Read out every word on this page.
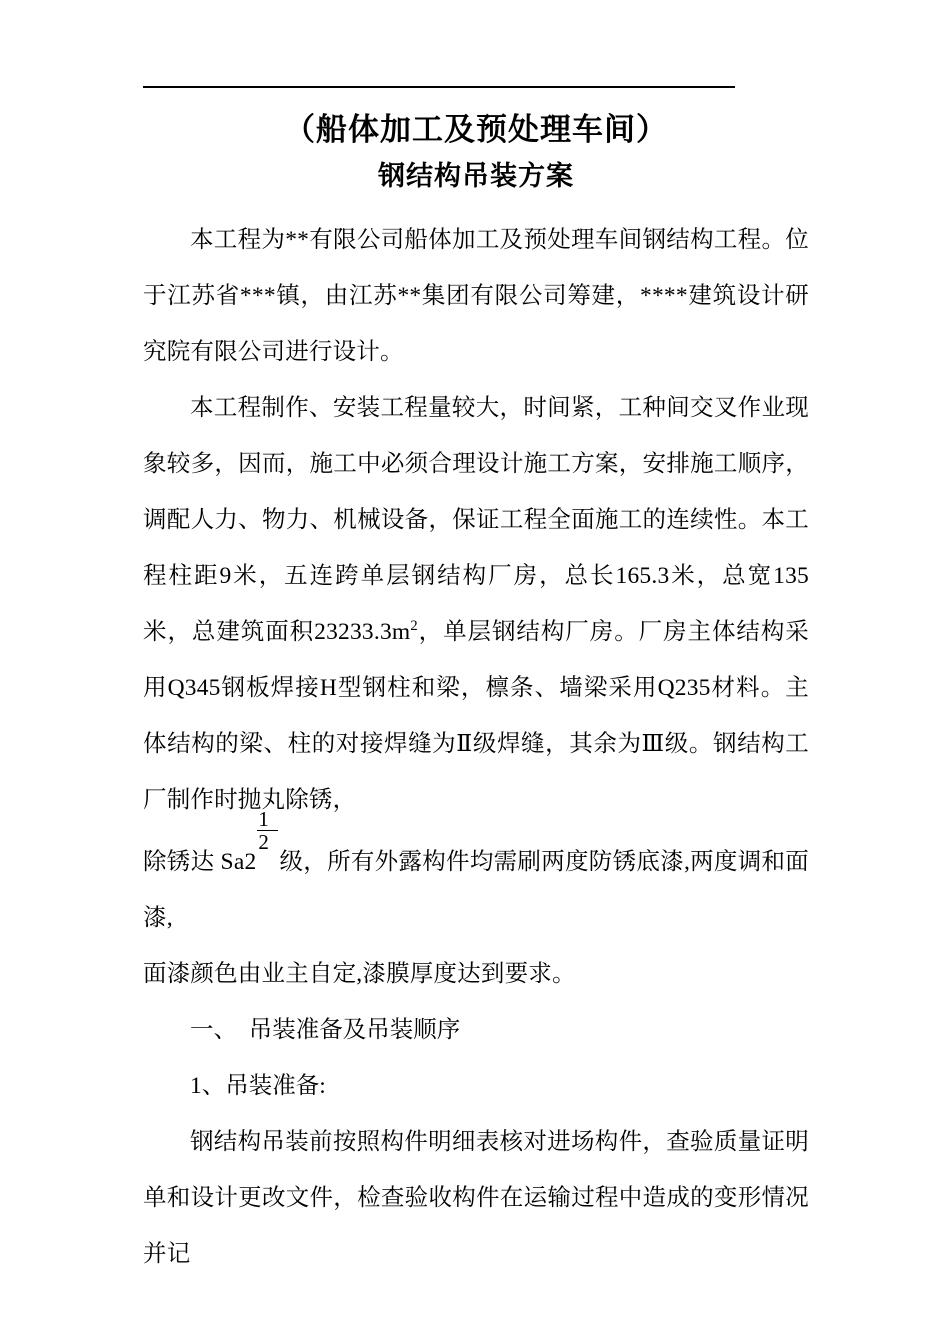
（船体加工及预处理车间）
钢结构吊装方案

本工程为**有限公司船体加工及预处理车间钢结构工程。位于江苏省***镇，由江苏**集团有限公司筹建，****建筑设计研究院有限公司进行设计。

本工程制作、安装工程量较大，时间紧，工种间交叉作业现象较多，因而，施工中必须合理设计施工方案，安排施工顺序，调配人力、物力、机械设备，保证工程全面施工的连续性。本工程柱距9米，五连跨单层钢结构厂房，总长165.3米，总宽135米，总建筑面积$23233.3m^2$，单层钢结构厂房。厂房主体结构采用Q345钢板焊接H型钢柱和梁，檩条、墙梁采用Q235材料。主体结构的梁、柱的对接焊缝为Ⅱ级焊缝，其余为Ⅲ级。钢结构工厂制作时抛丸除锈，

除锈达 $Sa2 \frac{1}{2}$ 级，所有外露构件均需刷两度防锈底漆,两度调和面漆,

面漆颜色由业主自定,漆膜厚度达到要求。

一、  吊装准备及吊装顺序

1、吊装准备:

钢结构吊装前按照构件明细表核对进场构件，查验质量证明单和设计更改文件，检查验收构件在运输过程中造成的变形情况并记
